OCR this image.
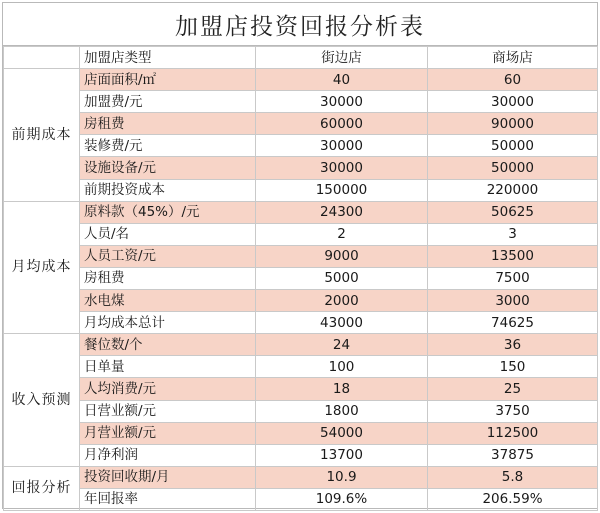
加盟店投资回报分析表
	加盟店类型	街边店	商场店
前期成本	店面面积/㎡	40	60
	加盟费/元	30000	30000
	房租费	60000	90000
	装修费/元	30000	50000
	设施设备/元	30000	50000
	前期投资成本	150000	220000
月均成本	原料款（45%）/元	24300	50625
	人员/名	2	3
	人员工资/元	9000	13500
	房租费	5000	7500
	水电煤	2000	3000
	月均成本总计	43000	74625
收入预测	餐位数/个	24	36
	日单量	100	150
	人均消费/元	18	25
	日营业额/元	1800	3750
	月营业额/元	54000	112500
	月净利润	13700	37875
回报分析	投资回收期/月	10.9	5.8
	年回报率	109.6%	206.59%
